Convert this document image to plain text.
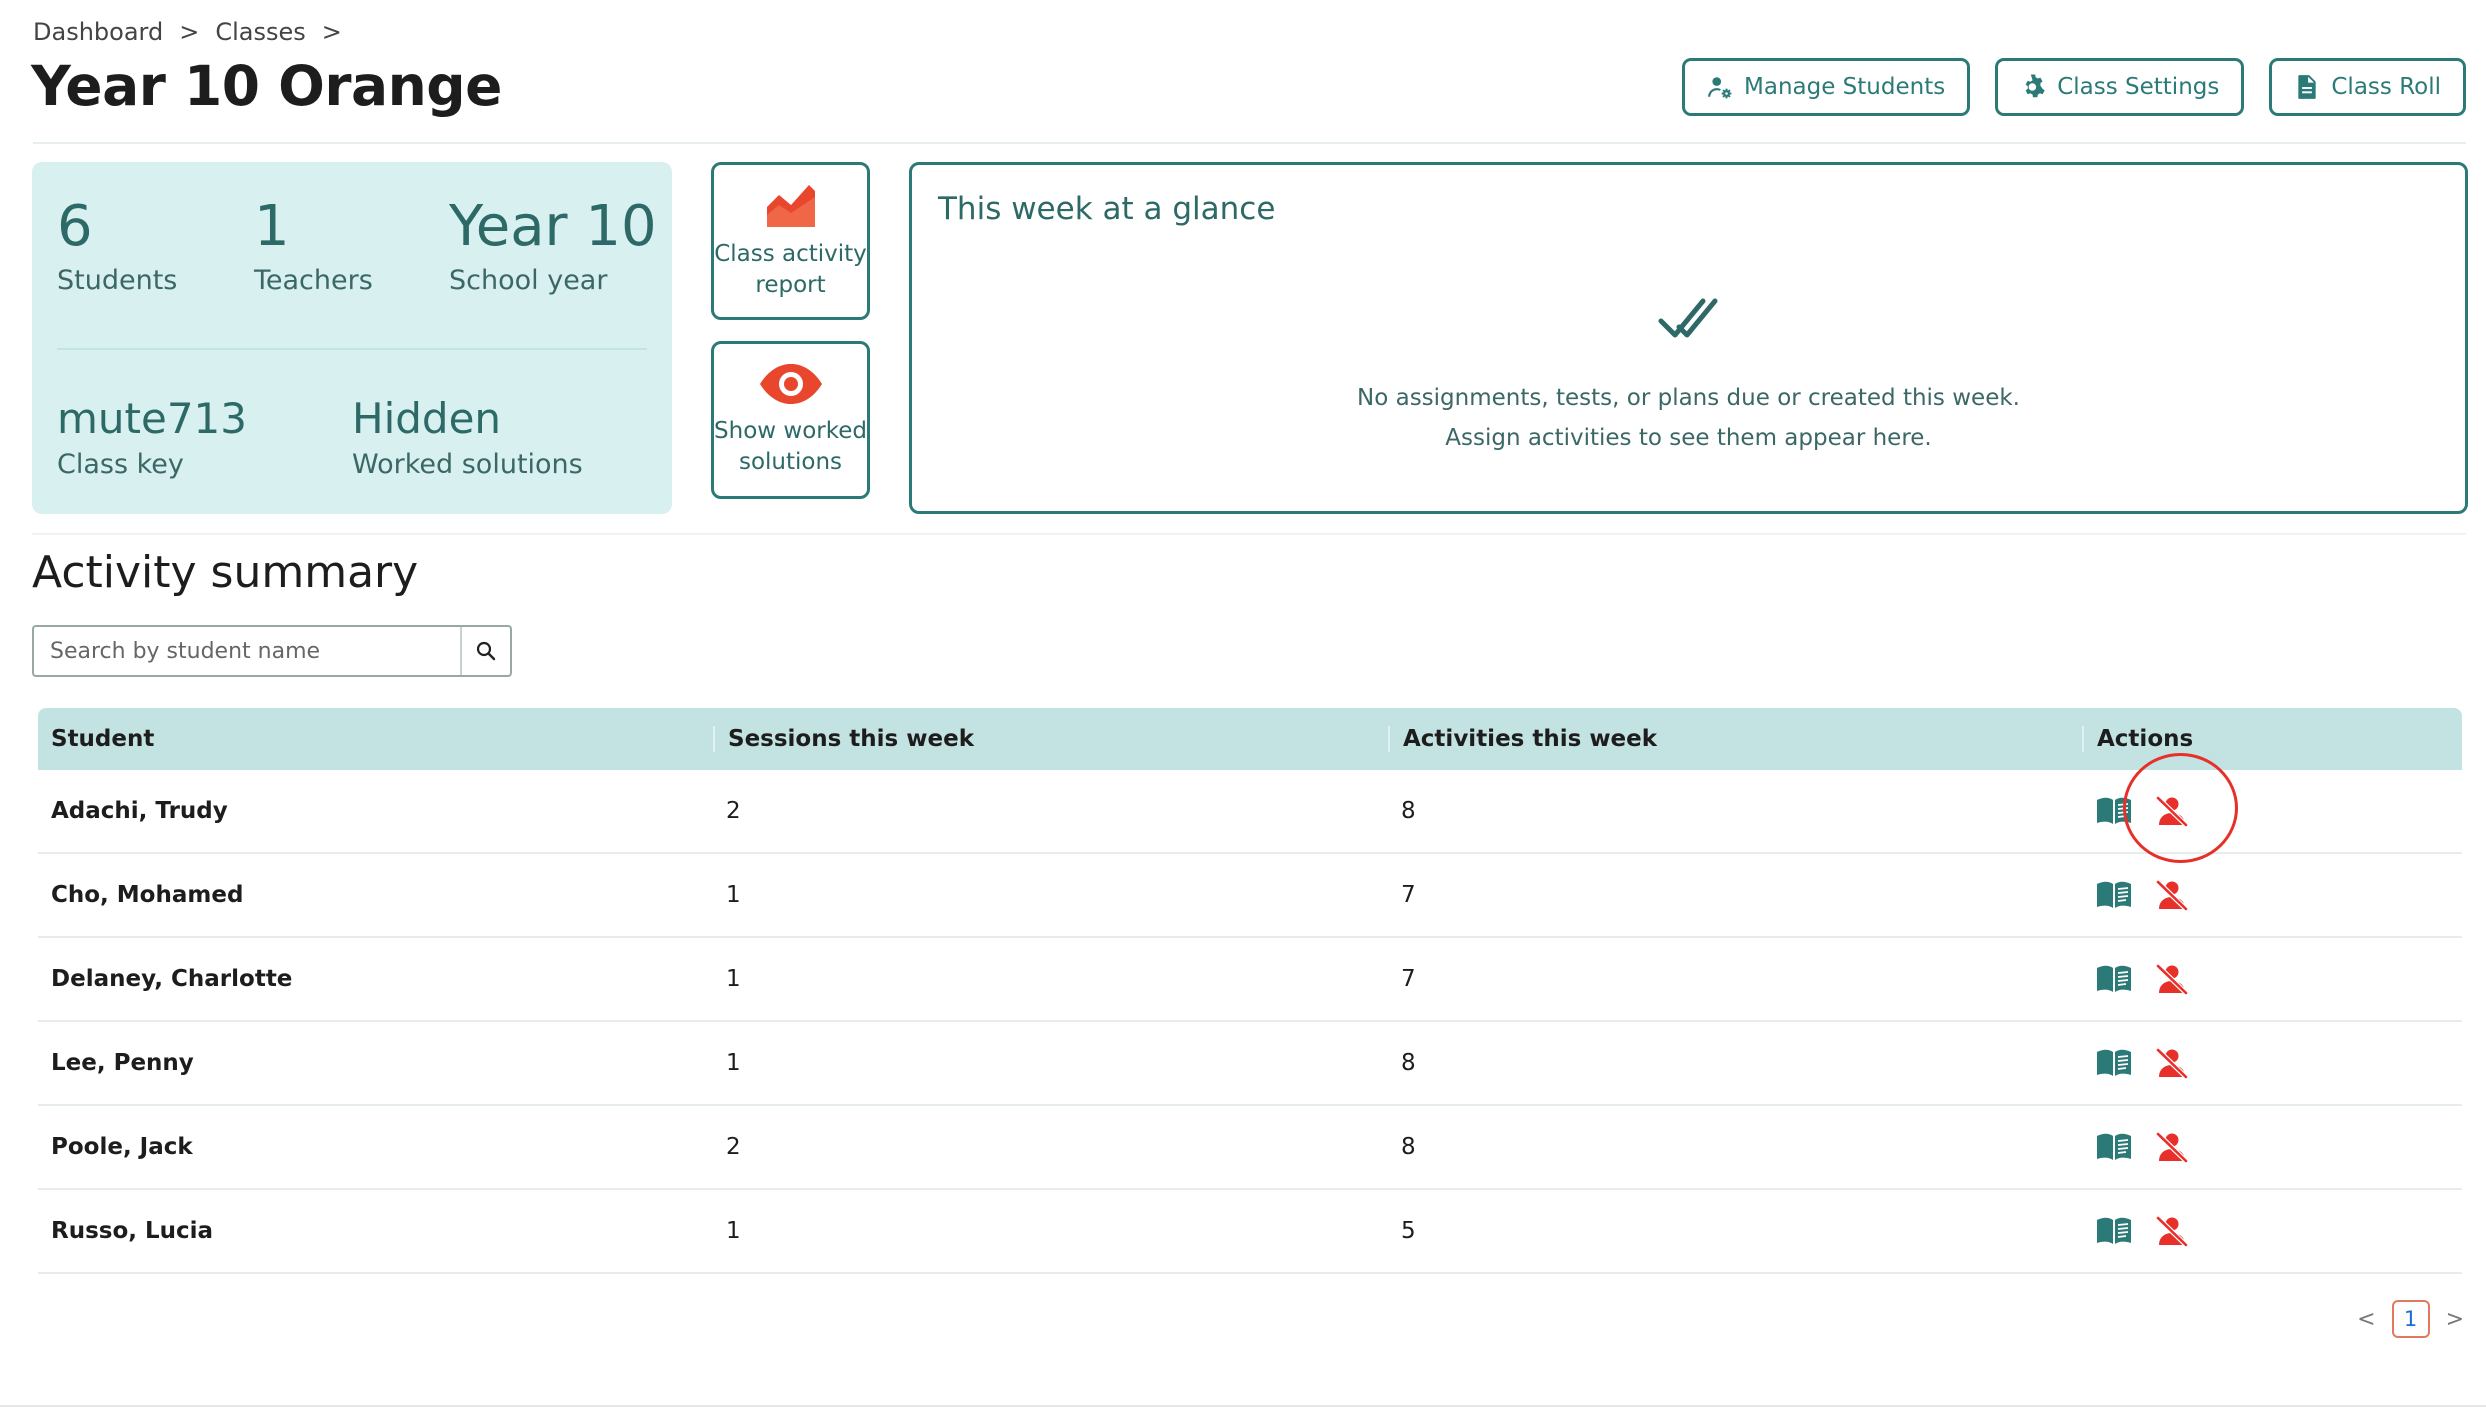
Dashboard > Classes >
Year 10 Orange	Manage Students	Class Settings	Class Roll
6
Students
1
Teachers
Year 10
School year
mute713
Class key
Hidden
Worked solutions
Class activity
report
Show worked
solutions
This week at a glance
No assignments, tests, or plans due or created this week.
Assign activities to see them appear here.
Activity summary
Search by student name
Student	Sessions this week	Activities this week	Actions
Adachi, Trudy	2	8
Cho, Mohamed	1	7
Delaney, Charlotte	1	7
Lee, Penny	1	8
Poole, Jack	2	8
Russo, Lucia	1	5
<	1	>
